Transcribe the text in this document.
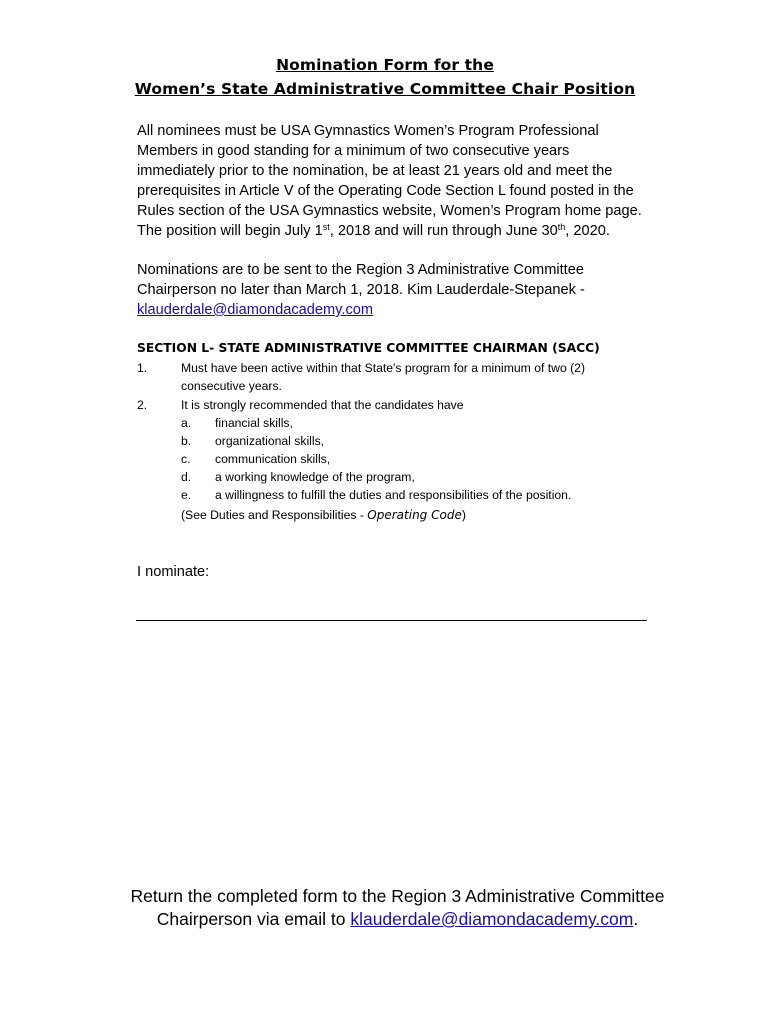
Nomination Form for the
Women’s State Administrative Committee Chair Position
All nominees must be USA Gymnastics Women’s Program Professional
Members in good standing for a minimum of two consecutive years
immediately prior to the nomination, be at least 21 years old and meet the
prerequisites in Article V of the Operating Code Section L found posted in the
Rules section of the USA Gymnastics website, Women’s Program home page.
The position will begin July 1st, 2018 and will run through June 30th, 2020.
Nominations are to be sent to the Region 3 Administrative Committee
Chairperson no later than March 1, 2018. Kim Lauderdale-Stepanek -
klauderdale@diamondacademy.com
SECTION L- STATE ADMINISTRATIVE COMMITTEE CHAIRMAN (SACC)
1.	Must have been active within that State's program for a minimum of two (2)
consecutive years.
2.	It is strongly recommended that the candidates have
a. financial skills,
b. organizational skills,
c. communication skills,
d. a working knowledge of the program,
e. a willingness to fulfill the duties and responsibilities of the position.
(See Duties and Responsibilities - Operating Code)
I nominate:
Return the completed form to the Region 3 Administrative Committee
Chairperson via email to klauderdale@diamondacademy.com.
